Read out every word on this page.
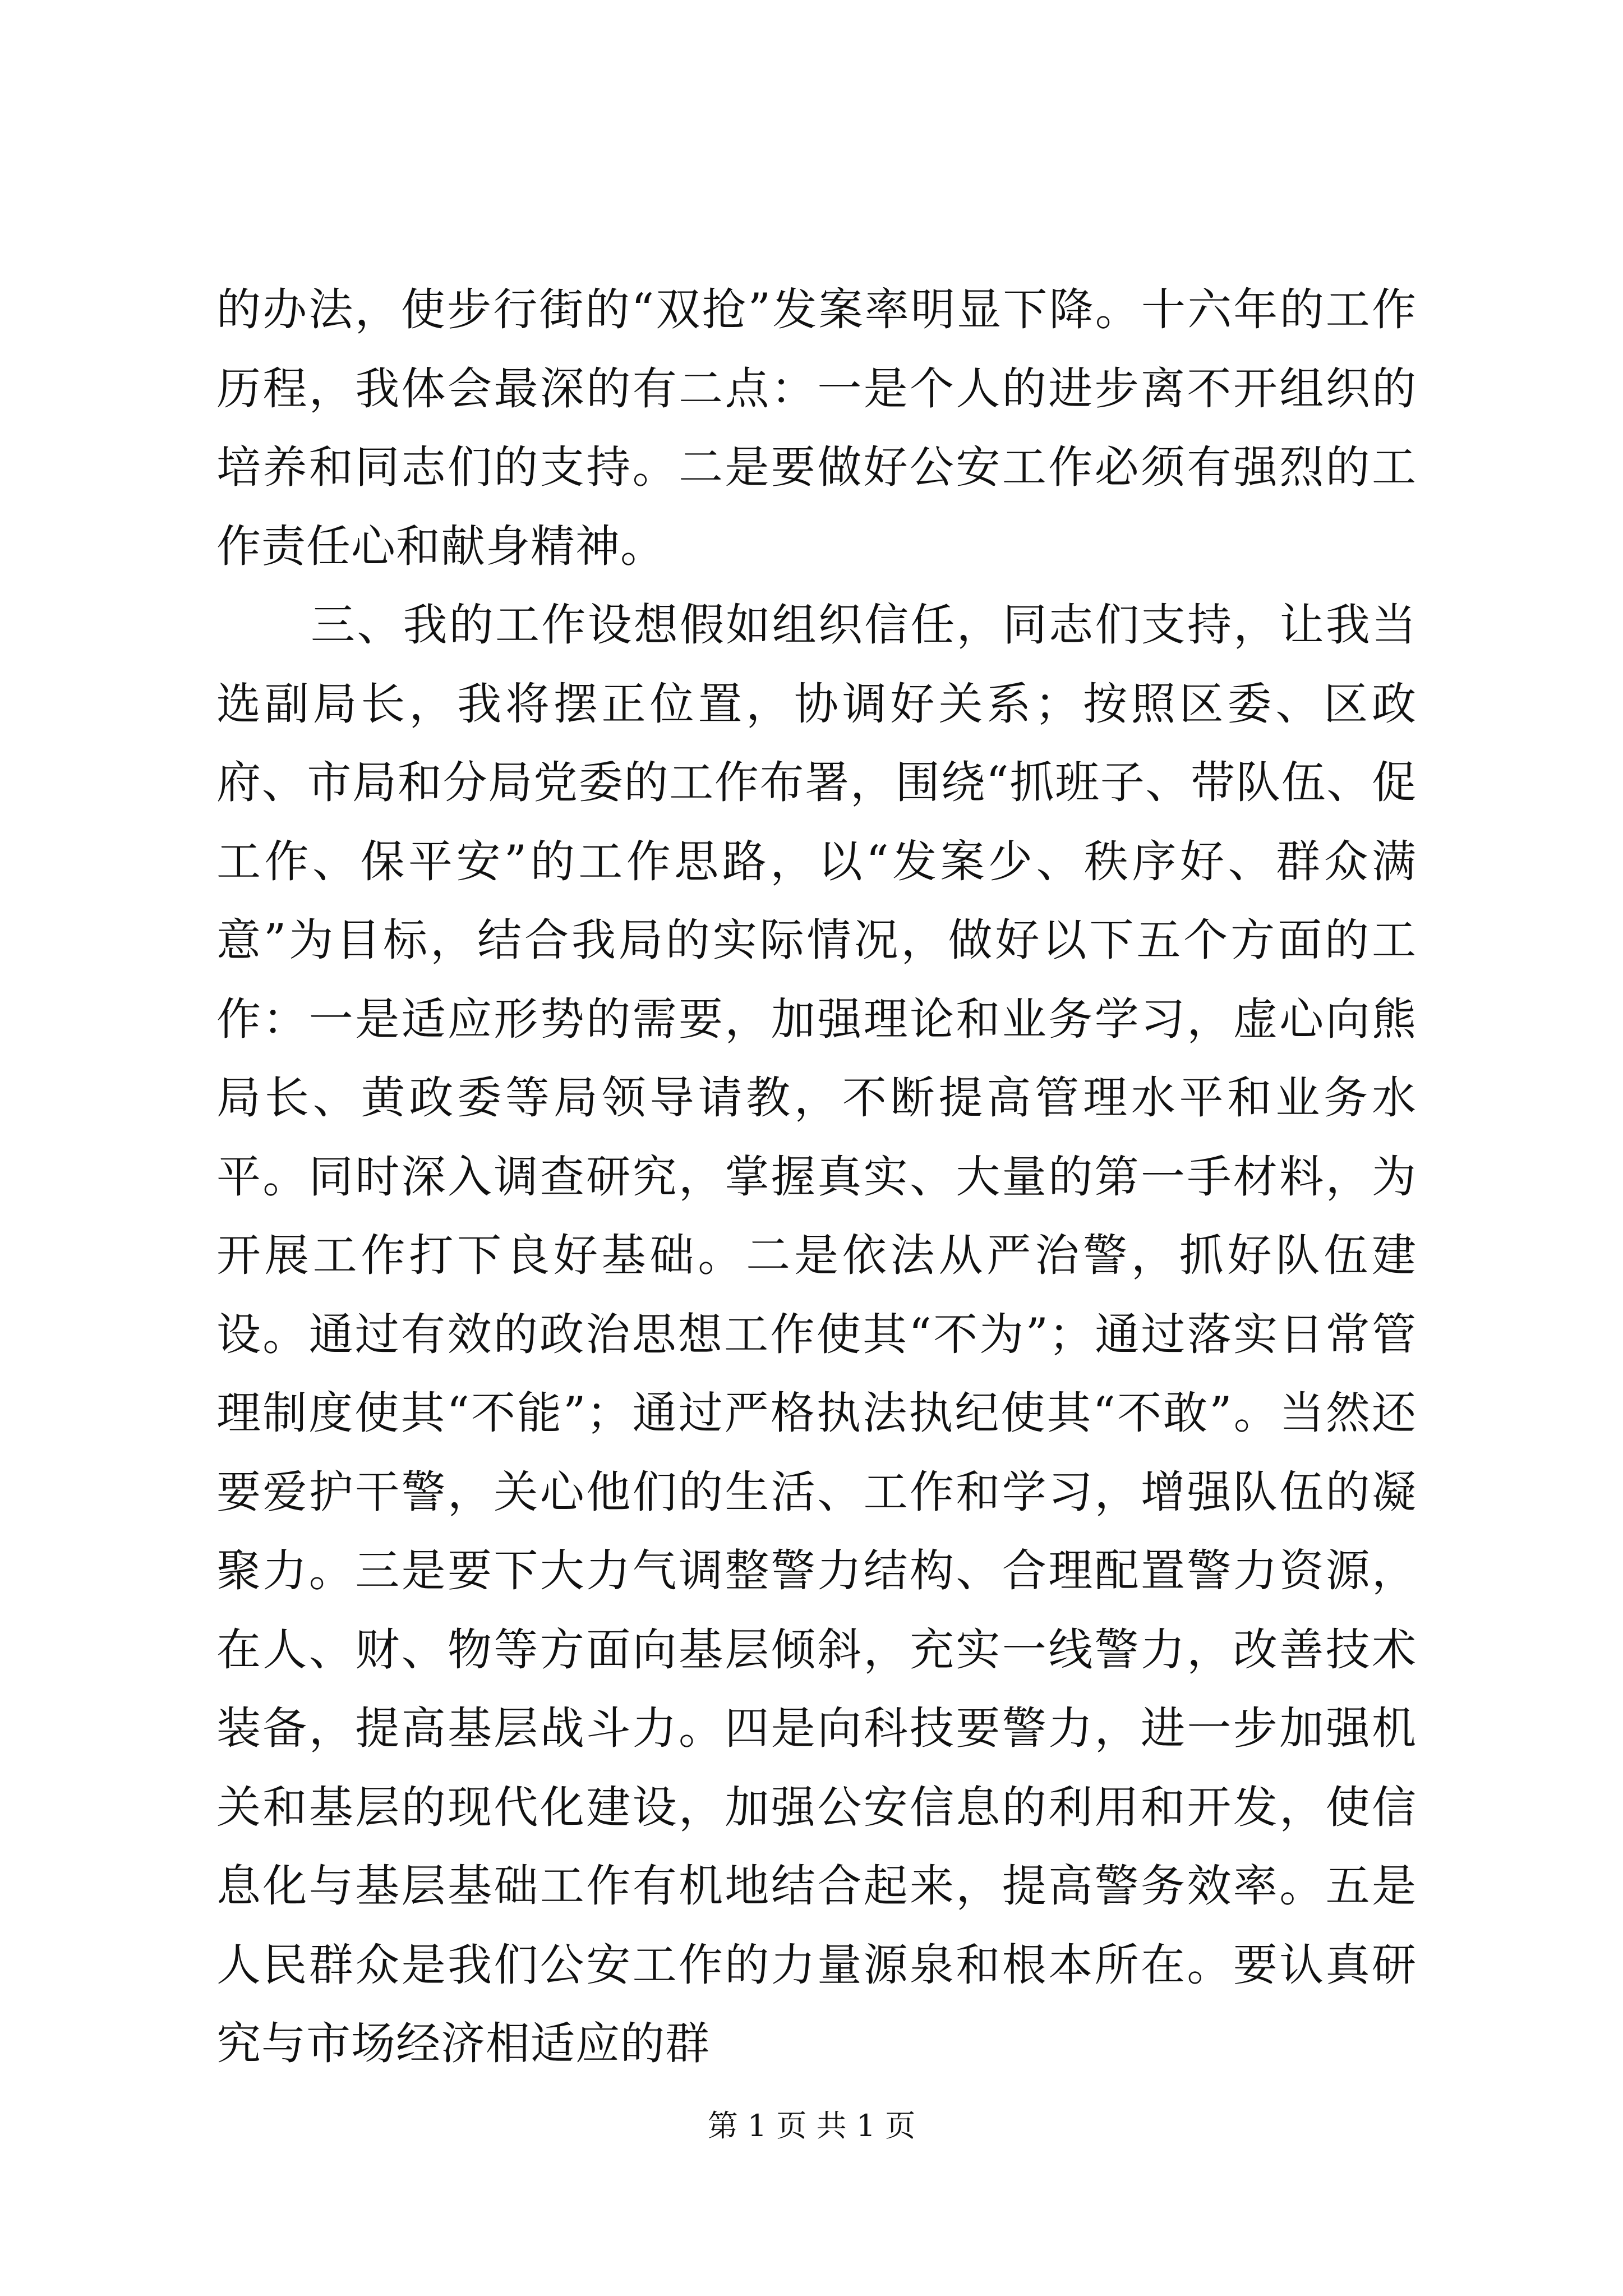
的办法，使步行街的“双抢”发案率明显下降。十六年的工作历程，我体会最深的有二点：一是个人的进步离不开组织的培养和同志们的支持。二是要做好公安工作必须有强烈的工作责任心和献身精神。

三、我的工作设想假如组织信任，同志们支持，让我当选副局长，我将摆正位置，协调好关系；按照区委、区政府、市局和分局党委的工作布署，围绕“抓班子、带队伍、促工作、保平安”的工作思路，以“发案少、秩序好、群众满意”为目标，结合我局的实际情况，做好以下五个方面的工作：一是适应形势的需要，加强理论和业务学习，虚心向熊局长、黄政委等局领导请教，不断提高管理水平和业务水平。同时深入调查研究，掌握真实、大量的第一手材料，为开展工作打下良好基础。二是依法从严治警，抓好队伍建设。通过有效的政治思想工作使其“不为”；通过落实日常管理制度使其“不能”；通过严格执法执纪使其“不敢”。当然还要爱护干警，关心他们的生活、工作和学习，增强队伍的凝聚力。三是要下大力气调整警力结构、合理配置警力资源，在人、财、物等方面向基层倾斜，充实一线警力，改善技术装备，提高基层战斗力。四是向科技要警力，进一步加强机关和基层的现代化建设，加强公安信息的利用和开发，使信息化与基层基础工作有机地结合起来，提高警务效率。五是人民群众是我们公安工作的力量源泉和根本所在。要认真研究与市场经济相适应的群

第 1 页 共 1 页
